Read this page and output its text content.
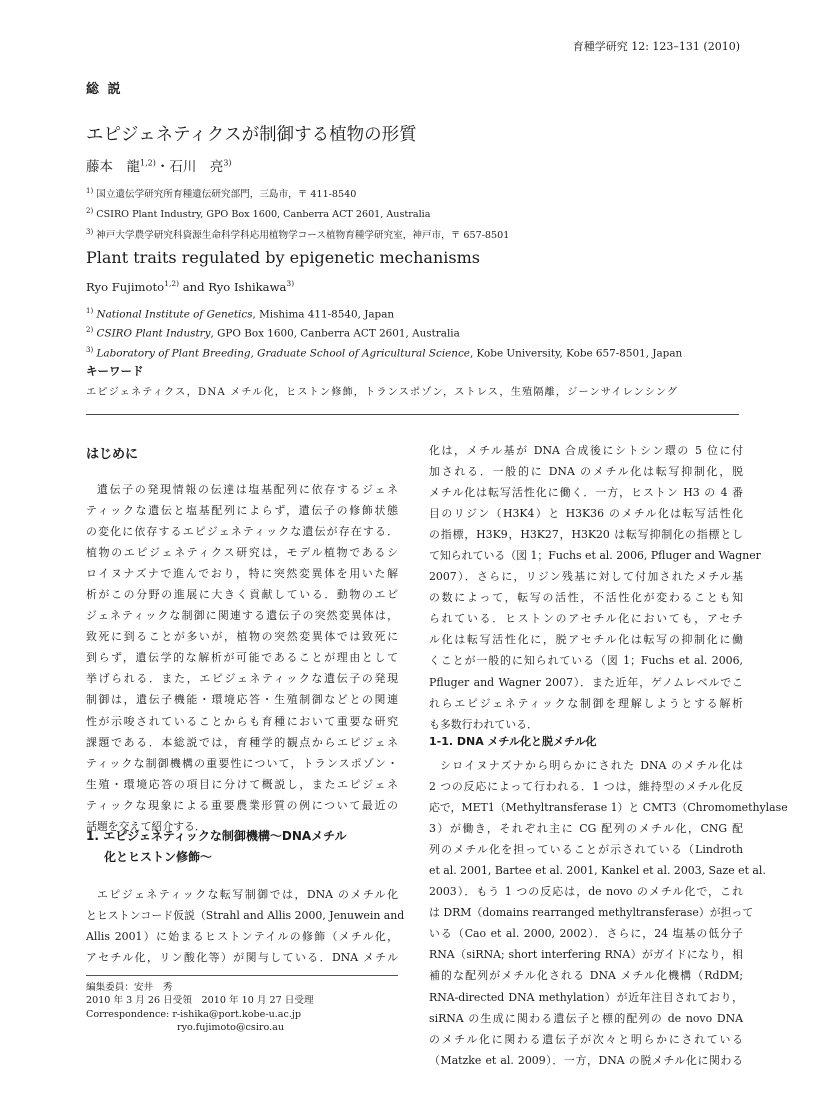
育種学研究 12: 123–131 (2010)
総 説
エピジェネティクスが制御する植物の形質
藤本　龍$^{1,2)}$・石川　亮$^{3)}$
$^{1)}$ 国立遺伝学研究所育種遺伝研究部門，三島市，〒 411-8540
$^{2)}$ CSIRO Plant Industry, GPO Box 1600, Canberra ACT 2601, Australia
$^{3)}$ 神戸大学農学研究科資源生命科学科応用植物学コース植物育種学研究室，神戸市，〒 657-8501
Plant traits regulated by epigenetic mechanisms
Ryo Fujimoto$^{1,2)}$ and Ryo Ishikawa$^{3)}$
$^{1)}$ National Institute of Genetics, Mishima 411-8540, Japan
$^{2)}$ CSIRO Plant Industry, GPO Box 1600, Canberra ACT 2601, Australia
$^{3)}$ Laboratory of Plant Breeding, Graduate School of Agricultural Science, Kobe University, Kobe 657-8501, Japan
キーワード
エピジェネティクス，DNA メチル化，ヒストン修飾，トランスポゾン，ストレス，生殖隔離，ジーンサイレンシング
はじめに
遺伝子の発現情報の伝達は塩基配列に依存するジェネ
ティックな遺伝と塩基配列によらず，遺伝子の修飾状態
の変化に依存するエピジェネティックな遺伝が存在する．
植物のエピジェネティクス研究は，モデル植物であるシ
ロイヌナズナで進んでおり，特に突然変異体を用いた解
析がこの分野の進展に大きく貢献している．動物のエピ
ジェネティックな制御に関連する遺伝子の突然変異体は，
致死に到ることが多いが，植物の突然変異体では致死に
到らず，遺伝学的な解析が可能であることが理由として
挙げられる．また，エピジェネティックな遺伝子の発現
制御は，遺伝子機能・環境応答・生殖制御などとの関連
性が示唆されていることからも育種において重要な研究
課題である．本総説では，育種学的観点からエピジェネ
ティックな制御機構の重要性について，トランスポゾン・
生殖・環境応答の項目に分けて概説し，またエピジェネ
ティックな現象による重要農業形質の例について最近の
話題を交えて紹介する．
1. エピジェネティックな制御機構～DNAメチル
化とヒストン修飾～
エピジェネティックな転写制御では，DNA のメチル化
とヒストンコード仮説（Strahl and Allis 2000, Jenuwein and
Allis 2001）に始まるヒストンテイルの修飾（メチル化，
アセチル化，リン酸化等）が関与している．DNA メチル
編集委員：安井　秀
2010 年 3 月 26 日受領　2010 年 10 月 27 日受理
Correspondence: r-ishika@port.kobe-u.ac.jp
ryo.fujimoto@csiro.au
化は，メチル基が DNA 合成後にシトシン環の 5 位に付
加される．一般的に DNA のメチル化は転写抑制化，脱
メチル化は転写活性化に働く．一方，ヒストン H3 の 4 番
目のリジン（H3K4）と H3K36 のメチル化は転写活性化
の指標，H3K9，H3K27，H3K20 は転写抑制化の指標とし
て知られている（図 1；Fuchs et al. 2006, Pfluger and Wagner
2007）．さらに，リジン残基に対して付加されたメチル基
の数によって，転写の活性，不活性化が変わることも知
られている．ヒストンのアセチル化においても，アセチ
ル化は転写活性化に，脱アセチル化は転写の抑制化に働
くことが一般的に知られている（図 1；Fuchs et al. 2006,
Pfluger and Wagner 2007）．また近年，ゲノムレベルでこ
れらエピジェネティックな制御を理解しようとする解析
も多数行われている．
1-1. DNA メチル化と脱メチル化
シロイヌナズナから明らかにされた DNA のメチル化は
2 つの反応によって行われる．1 つは，維持型のメチル化反
応で，MET1（Methyltransferase 1）と CMT3（Chromomethylase
3）が働き，それぞれ主に CG 配列のメチル化，CNG 配
列のメチル化を担っていることが示されている（Lindroth
et al. 2001, Bartee et al. 2001, Kankel et al. 2003, Saze et al.
2003）．もう 1 つの反応は，de novo のメチル化で，これ
は DRM（domains rearranged methyltransferase）が担って
いる（Cao et al. 2000, 2002）．さらに，24 塩基の低分子
RNA（siRNA; short interfering RNA）がガイドになり，相
補的な配列がメチル化される DNA メチル化機構（RdDM;
RNA-directed DNA methylation）が近年注目されており，
siRNA の生成に関わる遺伝子と標的配列の de novo DNA
のメチル化に関わる遺伝子が次々と明らかにされている
（Matzke et al. 2009）．一方，DNA の脱メチル化に関わる
